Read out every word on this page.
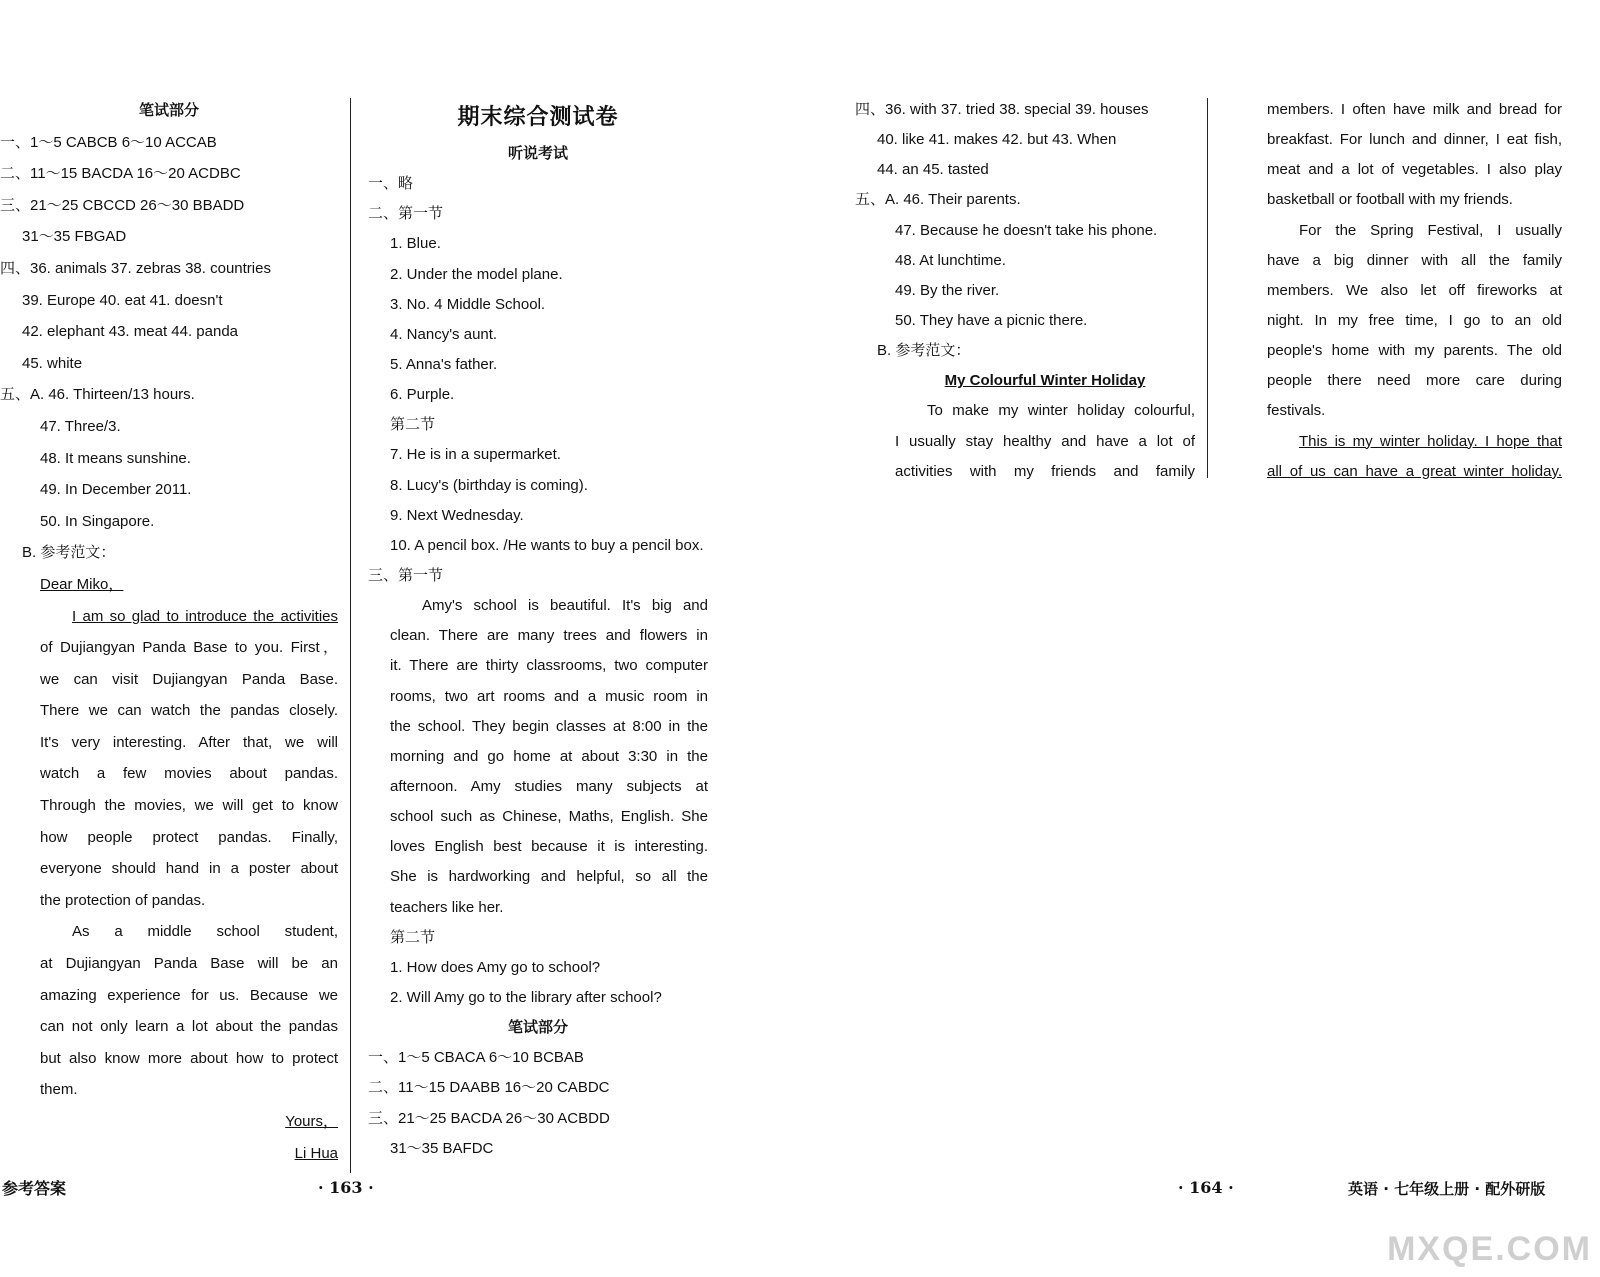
笔试部分
一、1～5 CABCB 6～10 ACCAB
二、11～15 BACDA 16～20 ACDBC
三、21～25 CBCCD 26～30 BBADD
31～35 FBGAD
四、36. animals 37. zebras 38. countries
39. Europe 40. eat 41. doesn't
42. elephant 43. meat 44. panda
45. white
五、A. 46. Thirteen/13 hours.
47. Three/3.
48. It means sunshine.
49. In December 2011.
50. In Singapore.
B. 参考范文：
Dear Miko，
I am so glad to introduce the activities
of Dujiangyan Panda Base to you. First，
we can visit Dujiangyan Panda Base.
There we can watch the pandas closely.
It's very interesting. After that, we will
watch a few movies about pandas.
Through the movies, we will get to know
how people protect pandas. Finally,
everyone should hand in a poster about
the protection of pandas.
As a middle school student,
at Dujiangyan Panda Base will be an
amazing experience for us. Because we
can not only learn a lot about the pandas
but also know more about how to protect
them.
Yours，
Li Hua
期末综合测试卷
听说考试
一、略
二、第一节
1. Blue.
2. Under the model plane.
3. No. 4 Middle School.
4. Nancy's aunt.
5. Anna's father.
6. Purple.
第二节
7. He is in a supermarket.
8. Lucy's (birthday is coming).
9. Next Wednesday.
10. A pencil box. /He wants to buy a pencil box.
三、第一节
Amy's school is beautiful. It's big and
clean. There are many trees and flowers in
it. There are thirty classrooms, two computer
rooms, two art rooms and a music room in
the school. They begin classes at 8:00 in the
morning and go home at about 3:30 in the
afternoon. Amy studies many subjects at
school such as Chinese, Maths, English. She
loves English best because it is interesting.
She is hardworking and helpful, so all the
teachers like her.
第二节
1. How does Amy go to school?
2. Will Amy go to the library after school?
笔试部分
一、1～5 CBACA 6～10 BCBAB
二、11～15 DAABB 16～20 CABDC
三、21～25 BACDA 26～30 ACBDD
31～35 BAFDC
四、36. with 37. tried 38. special 39. houses
40. like 41. makes 42. but 43. When
44. an 45. tasted
五、A. 46. Their parents.
47. Because he doesn't take his phone.
48. At lunchtime.
49. By the river.
50. They have a picnic there.
B. 参考范文：
My Colourful Winter Holiday
To make my winter holiday colourful,
I usually stay healthy and have a lot of
activities with my friends and family
members. I often have milk and bread for
breakfast. For lunch and dinner, I eat fish,
meat and a lot of vegetables. I also play
basketball or football with my friends.
For the Spring Festival, I usually
have a big dinner with all the family
members. We also let off fireworks at
night. In my free time, I go to an old
people's home with my parents. The old
people there need more care during
festivals.
This is my winter holiday. I hope that
all of us can have a great winter holiday.
参考答案	· 163 ·	· 164 ·	英语 · 七年级上册 · 配外研版
MXQE.COM
